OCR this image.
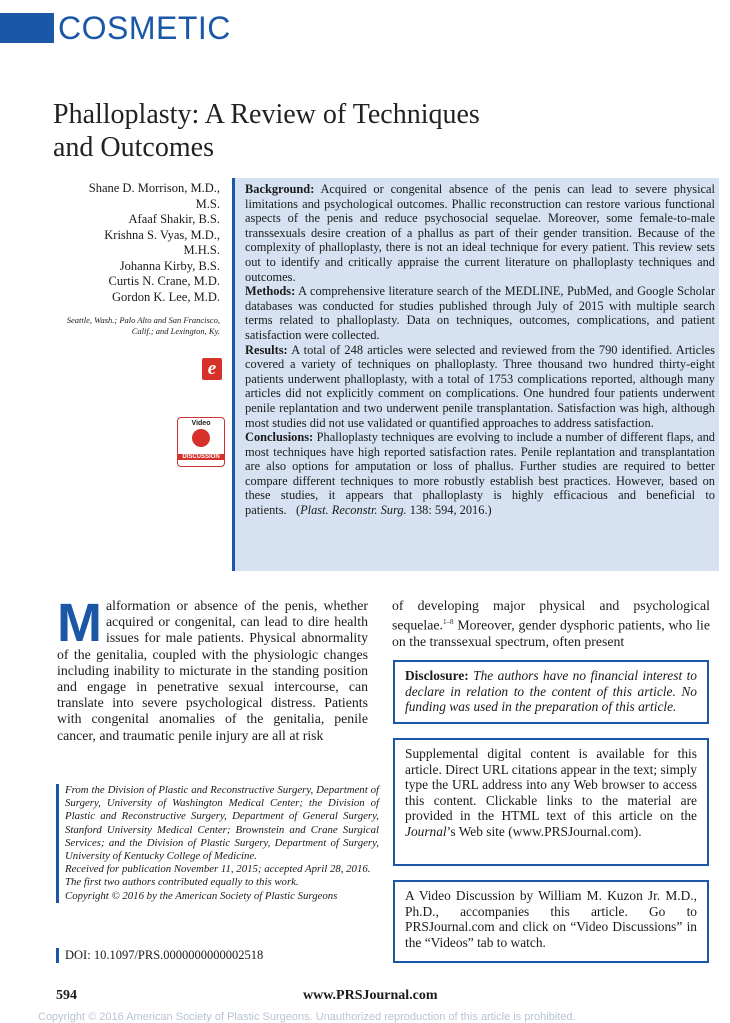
COSMETIC
Phalloplasty: A Review of Techniques
and Outcomes
Shane D. Morrison, M.D.,
M.S.
Afaaf Shakir, B.S.
Krishna S. Vyas, M.D.,
M.H.S.
Johanna Kirby, B.S.
Curtis N. Crane, M.D.
Gordon K. Lee, M.D.
Seattle, Wash.; Palo Alto and San Francisco, Calif.; and Lexington, Ky.
e
Video
DISCUSSION

Background: Acquired or congenital absence of the penis can lead to severe physical limitations and psychological outcomes. Phallic reconstruction can restore various functional aspects of the penis and reduce psychosocial sequelae. Moreover, some female-to-male transsexuals desire creation of a phallus as part of their gender transition. Because of the complexity of phalloplasty, there is not an ideal technique for every patient. This review sets out to identify and critically appraise the current literature on phalloplasty techniques and outcomes.

Methods: A comprehensive literature search of the MEDLINE, PubMed, and Google Scholar databases was conducted for studies published through July of 2015 with multiple search terms related to phalloplasty. Data on techniques, outcomes, complications, and patient satisfaction were collected.

Results: A total of 248 articles were selected and reviewed from the 790 identified. Articles covered a variety of techniques on phalloplasty. Three thousand two hundred thirty-eight patients underwent phalloplasty, with a total of 1753 complications reported, although many articles did not explicitly comment on complications. One hundred four patients underwent penile replantation and two underwent penile transplantation. Satisfaction was high, although most studies did not use validated or quantified approaches to address satisfaction.

Conclusions: Phalloplasty techniques are evolving to include a number of different flaps, and most techniques have high reported satisfaction rates. Penile replantation and transplantation are also options for amputation or loss of phallus. Further studies are required to better compare different techniques to more robustly establish best practices. However, based on these studies, it appears that phalloplasty is highly efficacious and beneficial to patients. (Plast. Reconstr. Surg. 138: 594, 2016.)

Malformation or absence of the penis, whether acquired or congenital, can lead to dire health issues for male patients. Physical abnormality of the genitalia, coupled with the physiologic changes including inability to micturate in the standing position and engage in penetrative sexual intercourse, can translate into severe psychological distress. Patients with congenital anomalies of the genitalia, penile cancer, and traumatic penile injury are all at risk
of developing major physical and psychological sequelae.$^{1-8}$ Moreover, gender dysphoric patients, who lie on the transsexual spectrum, often present

From the Division of Plastic and Reconstructive Surgery, Department of Surgery, University of Washington Medical Center; the Division of Plastic and Reconstructive Surgery, Department of General Surgery, Stanford University Medical Center; Brownstein and Crane Surgical Services; and the Division of Plastic Surgery, Department of Surgery, University of Kentucky College of Medicine.

Received for publication November 11, 2015; accepted April 28, 2016.

The first two authors contributed equally to this work.

Copyright © 2016 by the American Society of Plastic Surgeons

DOI: 10.1097/PRS.0000000000002518
Disclosure: The authors have no financial interest to declare in relation to the content of this article. No funding was used in the preparation of this article.
Supplemental digital content is available for this article. Direct URL citations appear in the text; simply type the URL address into any Web browser to access this content. Clickable links to the material are provided in the HTML text of this article on the Journal’s Web site (www.PRSJournal.com).
A Video Discussion by William M. Kuzon Jr. M.D., Ph.D., accompanies this article. Go to PRSJournal.com and click on “Video Discussions” in the “Videos” tab to watch.
594	www.PRSJournal.com
Copyright © 2016 American Society of Plastic Surgeons. Unauthorized reproduction of this article is prohibited.
